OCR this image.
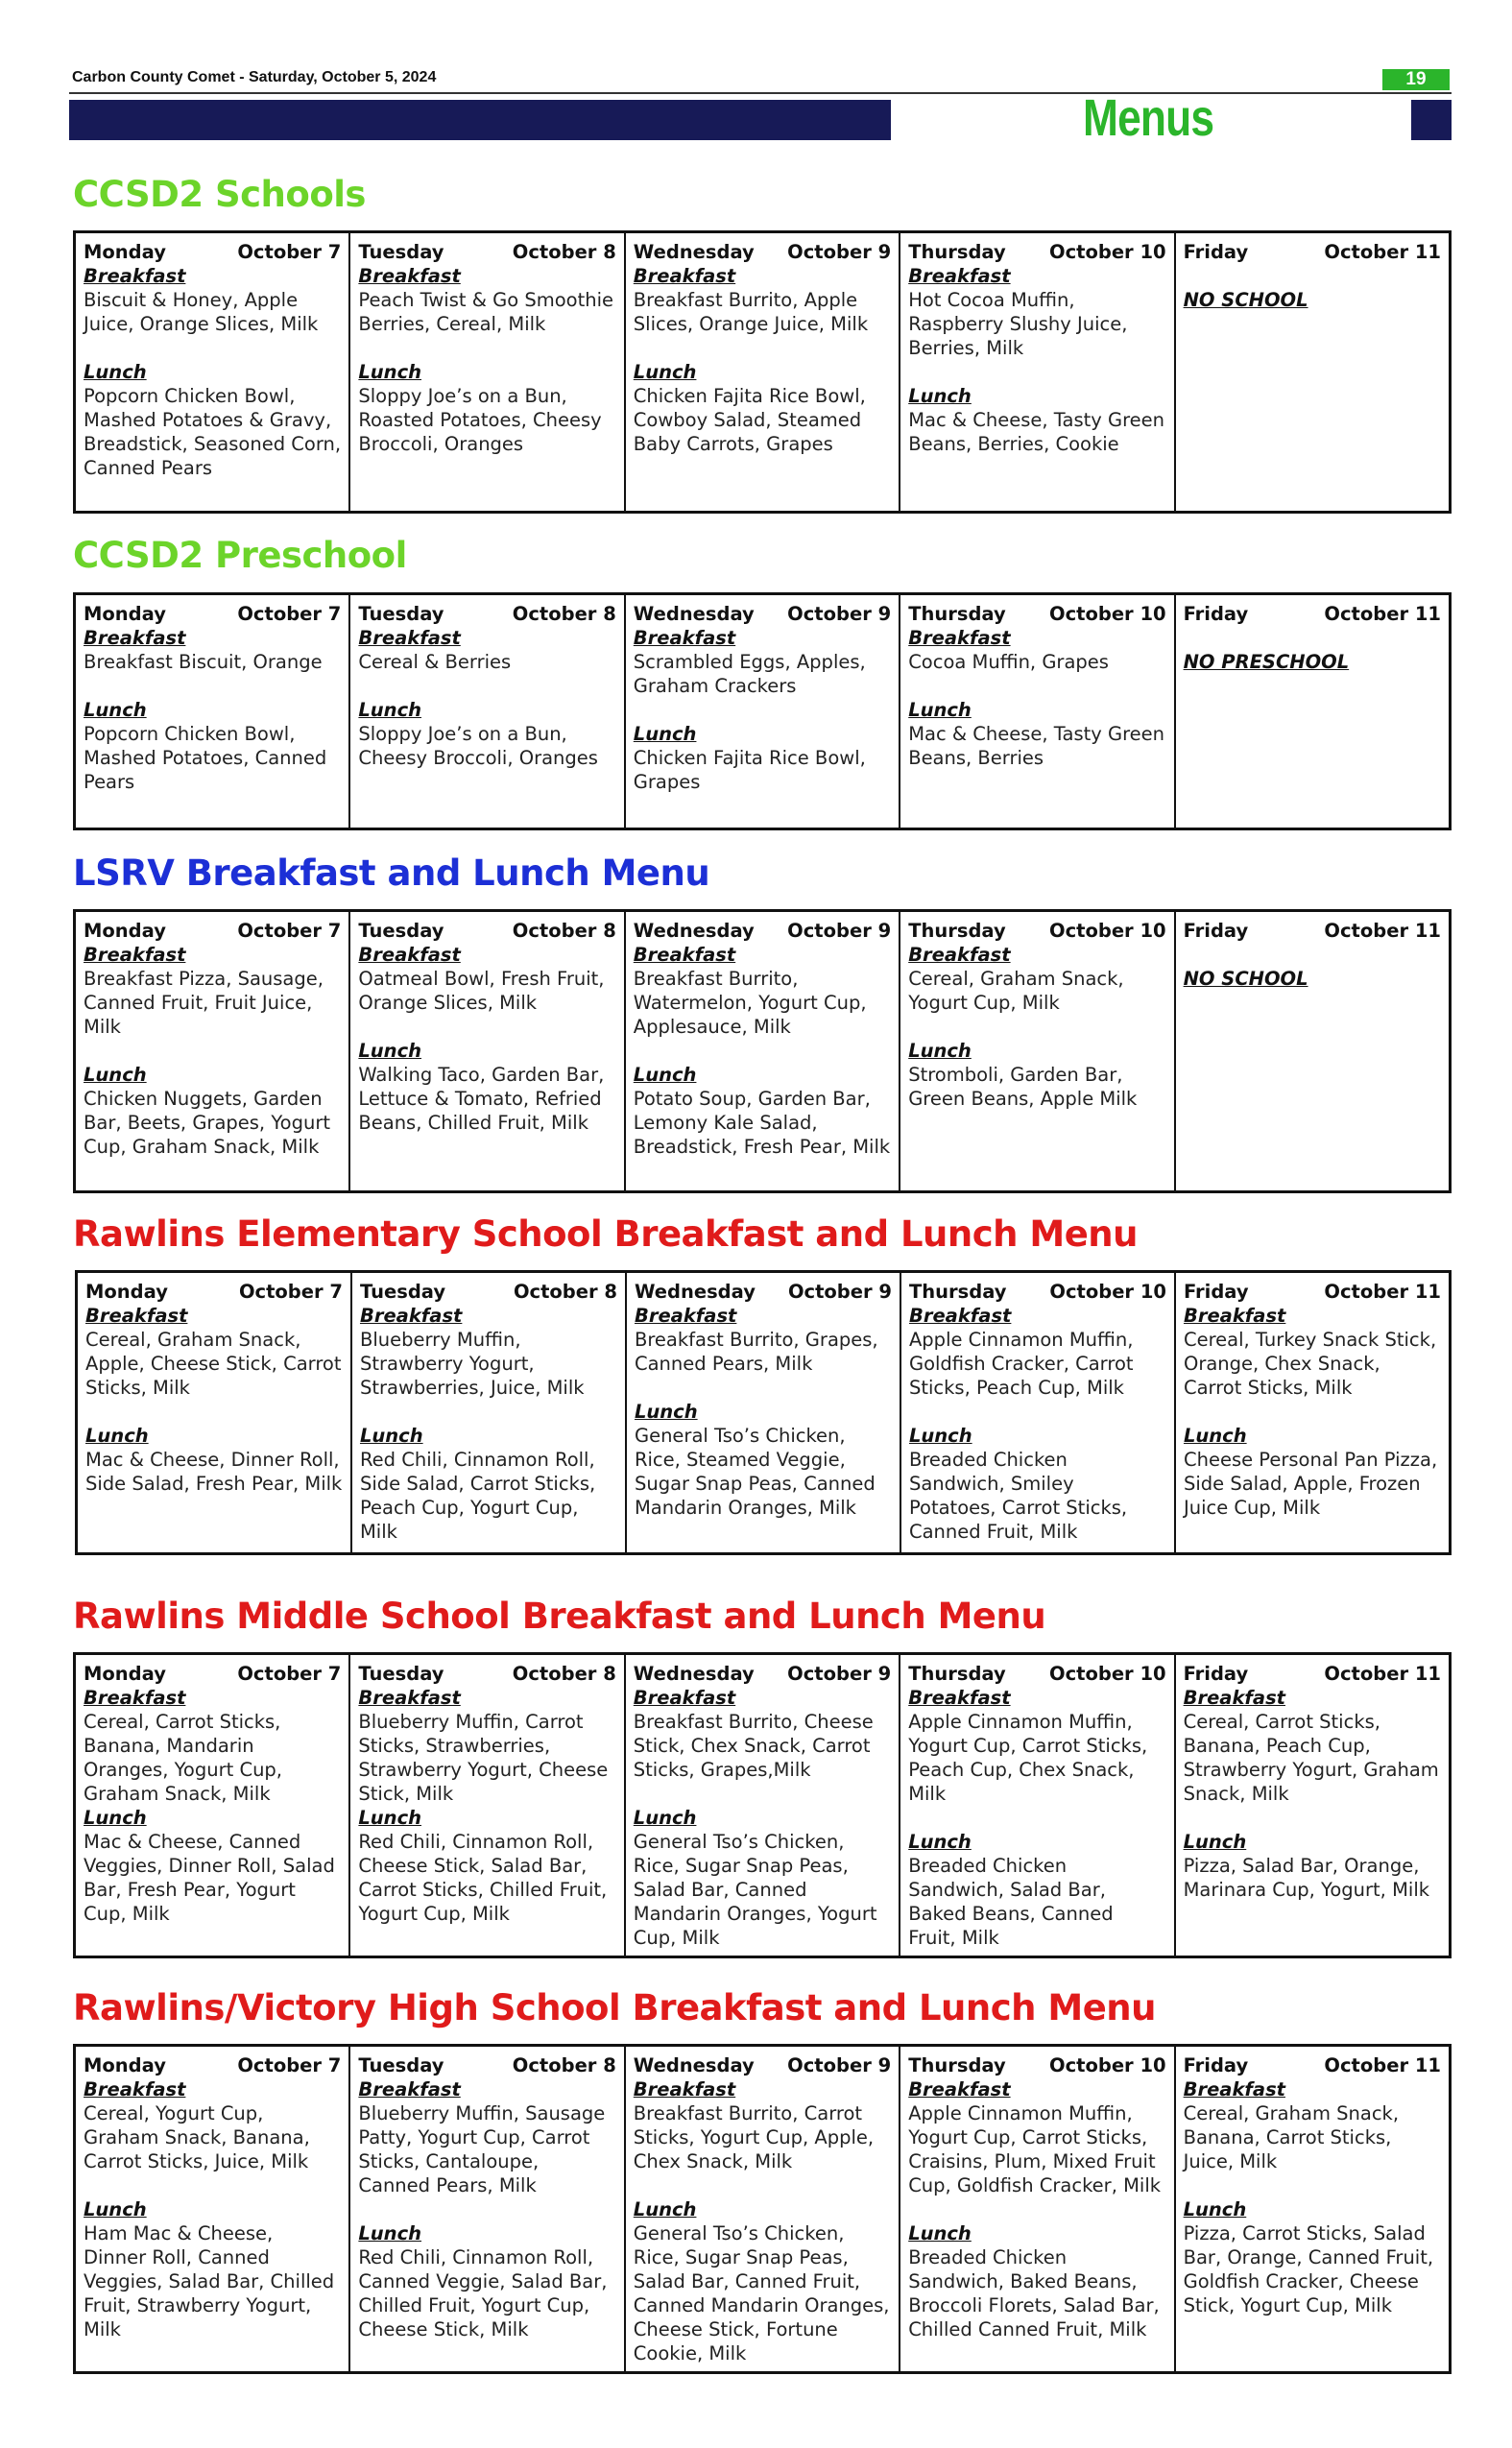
Carbon County Comet - Saturday, October 5, 2024	19
Menus
CCSD2 Schools
Monday	October 7
Breakfast
Biscuit & Honey, Apple Juice, Orange Slices, Milk
Lunch
Popcorn Chicken Bowl, Mashed Potatoes & Gravy, Breadstick, Seasoned Corn, Canned Pears

Tuesday	October 8
Breakfast
Peach Twist & Go Smoothie Berries, Cereal, Milk
Lunch
Sloppy Joe’s on a Bun, Roasted Potatoes, Cheesy Broccoli, Oranges

Wednesday October 9
Breakfast
Breakfast Burrito, Apple Slices, Orange Juice, Milk
Lunch
Chicken Fajita Rice Bowl, Cowboy Salad, Steamed Baby Carrots, Grapes

Thursday October 10
Breakfast
Hot Cocoa Muffin, Raspberry Slushy Juice, Berries, Milk
Lunch
Mac & Cheese, Tasty Green Beans, Berries, Cookie

Friday	October 11
NO SCHOOL
CCSD2 Preschool
Monday	October 7
Breakfast
Breakfast Biscuit, Orange
Lunch
Popcorn Chicken Bowl, Mashed Potatoes, Canned Pears

Tuesday	October 8
Breakfast
Cereal & Berries
Lunch
Sloppy Joe’s on a Bun, Cheesy Broccoli, Oranges

Wednesday October 9
Breakfast
Scrambled Eggs, Apples, Graham Crackers
Lunch
Chicken Fajita Rice Bowl, Grapes

Thursday October 10
Breakfast
Cocoa Muffin, Grapes
Lunch
Mac & Cheese, Tasty Green Beans, Berries

Friday	October 11
NO PRESCHOOL
LSRV Breakfast and Lunch Menu
Monday	October 7
Breakfast
Breakfast Pizza, Sausage, Canned Fruit, Fruit Juice, Milk
Lunch
Chicken Nuggets, Garden Bar, Beets, Grapes, Yogurt Cup, Graham Snack, Milk

Tuesday	October 8
Breakfast
Oatmeal Bowl, Fresh Fruit, Orange Slices, Milk
Lunch
Walking Taco, Garden Bar, Lettuce & Tomato, Refried Beans, Chilled Fruit, Milk

Wednesday October 9
Breakfast
Breakfast Burrito, Watermelon, Yogurt Cup, Applesauce, Milk
Lunch
Potato Soup, Garden Bar, Lemony Kale Salad, Breadstick, Fresh Pear, Milk

Thursday October 10
Breakfast
Cereal, Graham Snack, Yogurt Cup, Milk
Lunch
Stromboli, Garden Bar, Green Beans, Apple Milk

Friday	October 11
NO SCHOOL
Rawlins Elementary School Breakfast and Lunch Menu
Monday	October 7
Breakfast
Cereal, Graham Snack, Apple, Cheese Stick, Carrot Sticks, Milk
Lunch
Mac & Cheese, Dinner Roll, Side Salad, Fresh Pear, Milk

Tuesday	October 8
Breakfast
Blueberry Muffin, Strawberry Yogurt, Strawberries, Juice, Milk
Lunch
Red Chili, Cinnamon Roll, Side Salad, Carrot Sticks, Peach Cup, Yogurt Cup, Milk

Wednesday October 9
Breakfast
Breakfast Burrito, Grapes, Canned Pears, Milk
Lunch
General Tso’s Chicken, Rice, Steamed Veggie, Sugar Snap Peas, Canned Mandarin Oranges, Milk

Thursday October 10
Breakfast
Apple Cinnamon Muffin, Goldfish Cracker, Carrot Sticks, Peach Cup, Milk
Lunch
Breaded Chicken Sandwich, Smiley Potatoes, Carrot Sticks, Canned Fruit, Milk

Friday	October 11
Breakfast
Cereal, Turkey Snack Stick, Orange, Chex Snack, Carrot Sticks, Milk
Lunch
Cheese Personal Pan Pizza, Side Salad, Apple, Frozen Juice Cup, Milk
Rawlins Middle School Breakfast and Lunch Menu
Monday	October 7
Breakfast
Cereal, Carrot Sticks, Banana, Mandarin Oranges, Yogurt Cup, Graham Snack, Milk
Lunch
Mac & Cheese, Canned Veggies, Dinner Roll, Salad Bar, Fresh Pear, Yogurt Cup, Milk

Tuesday	October 8
Breakfast
Blueberry Muffin, Carrot Sticks, Strawberries, Strawberry Yogurt, Cheese Stick, Milk
Lunch
Red Chili, Cinnamon Roll, Cheese Stick, Salad Bar, Carrot Sticks, Chilled Fruit, Yogurt Cup, Milk

Wednesday October 9
Breakfast
Breakfast Burrito, Cheese Stick, Chex Snack, Carrot Sticks, Grapes,Milk
Lunch
General Tso’s Chicken, Rice, Sugar Snap Peas, Salad Bar, Canned Mandarin Oranges, Yogurt Cup, Milk

Thursday October 10
Breakfast
Apple Cinnamon Muffin, Yogurt Cup, Carrot Sticks, Peach Cup, Chex Snack, Milk
Lunch
Breaded Chicken Sandwich, Salad Bar, Baked Beans, Canned Fruit, Milk

Friday	October 11
Breakfast
Cereal, Carrot Sticks, Banana, Peach Cup, Strawberry Yogurt, Graham Snack, Milk
Lunch
Pizza, Salad Bar, Orange, Marinara Cup, Yogurt, Milk
Rawlins/Victory High School Breakfast and Lunch Menu
Monday	October 7
Breakfast
Cereal, Yogurt Cup, Graham Snack, Banana, Carrot Sticks, Juice, Milk
Lunch
Ham Mac & Cheese, Dinner Roll, Canned Veggies, Salad Bar, Chilled Fruit, Strawberry Yogurt, Milk

Tuesday	October 8
Breakfast
Blueberry Muffin, Sausage Patty, Yogurt Cup, Carrot Sticks, Cantaloupe, Canned Pears, Milk
Lunch
Red Chili, Cinnamon Roll, Canned Veggie, Salad Bar, Chilled Fruit, Yogurt Cup, Cheese Stick, Milk

Wednesday October 9
Breakfast
Breakfast Burrito, Carrot Sticks, Yogurt Cup, Apple, Chex Snack, Milk
Lunch
General Tso’s Chicken, Rice, Sugar Snap Peas, Salad Bar, Canned Fruit, Canned Mandarin Oranges, Cheese Stick, Fortune Cookie, Milk

Thursday October 10
Breakfast
Apple Cinnamon Muffin, Yogurt Cup, Carrot Sticks, Craisins, Plum, Mixed Fruit Cup, Goldfish Cracker, Milk
Lunch
Breaded Chicken Sandwich, Baked Beans, Broccoli Florets, Salad Bar, Chilled Canned Fruit, Milk

Friday	October 11
Breakfast
Cereal, Graham Snack, Banana, Carrot Sticks, Juice, Milk
Lunch
Pizza, Carrot Sticks, Salad Bar, Orange, Canned Fruit, Goldfish Cracker, Cheese Stick, Yogurt Cup, Milk
